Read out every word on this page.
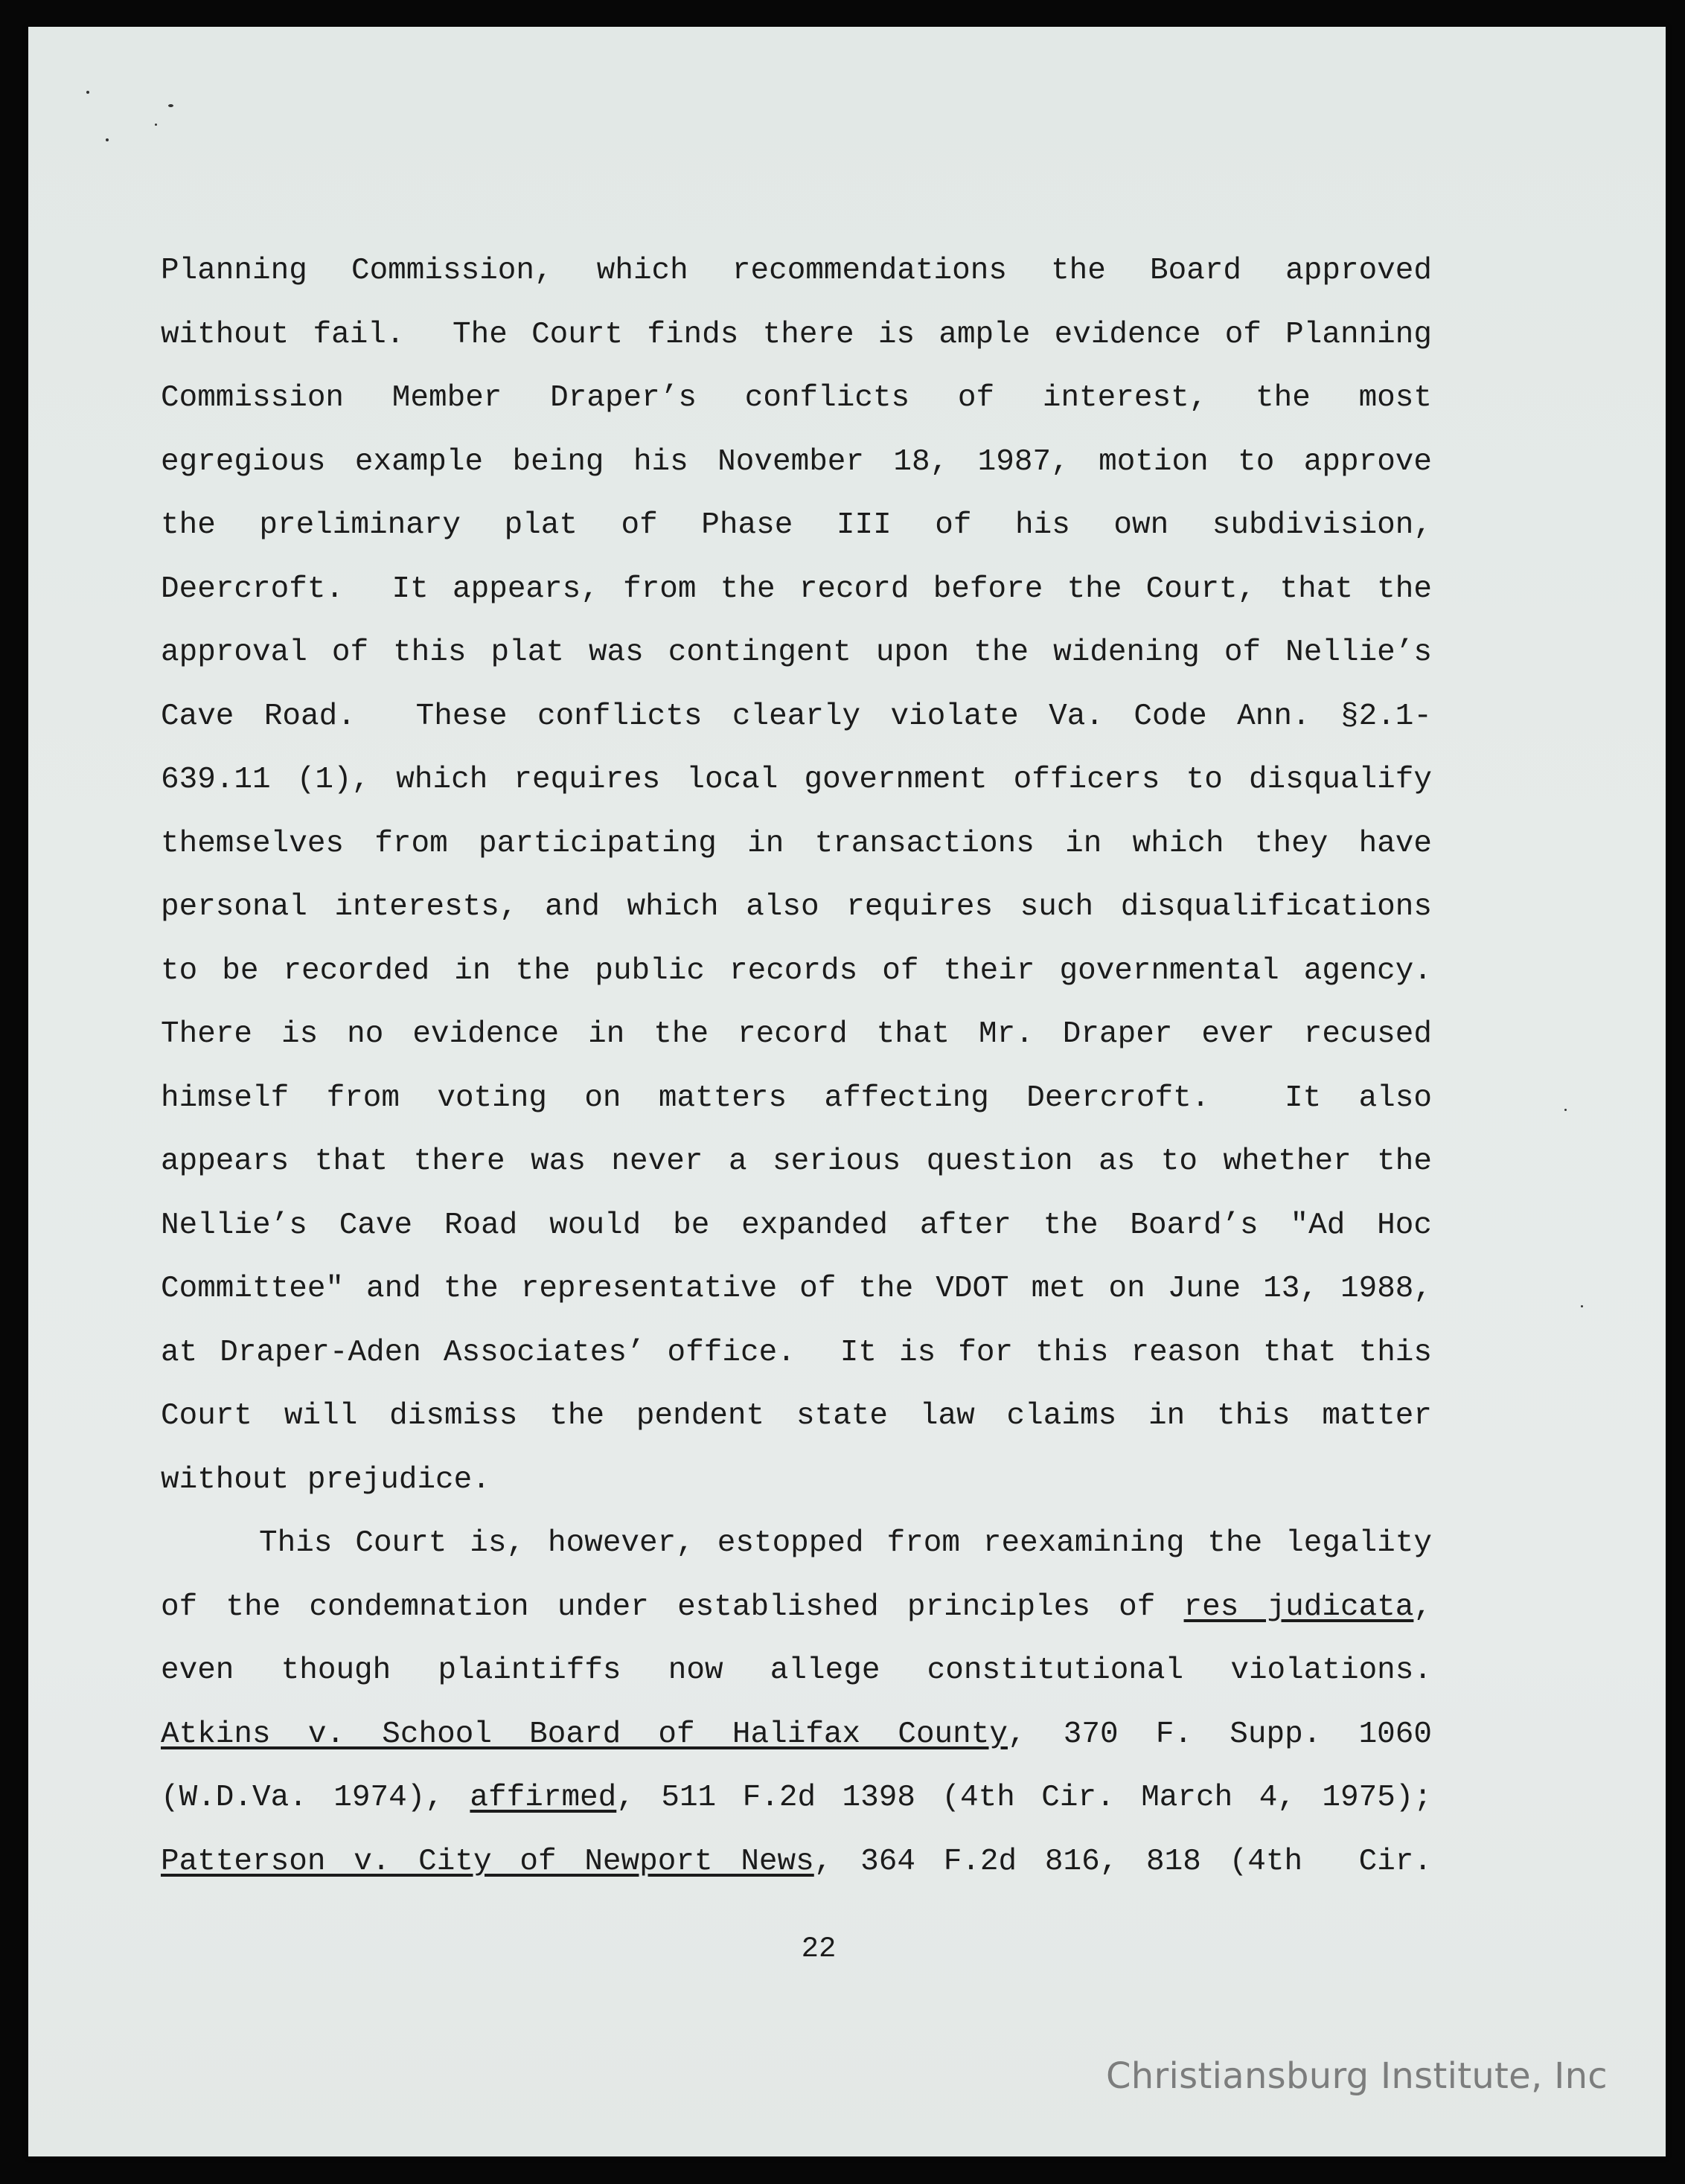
Planning Commission, which recommendations the Board approved
without fail.  The Court finds there is ample evidence of Planning
Commission Member Draper’s conflicts of interest, the most
egregious example being his November 18, 1987, motion to approve
the preliminary plat of Phase III of his own subdivision,
Deercroft.  It appears, from the record before the Court, that the
approval of this plat was contingent upon the widening of Nellie’s
Cave Road.  These conflicts clearly violate Va. Code Ann. §2.1-
639.11 (1), which requires local government officers to disqualify
themselves from participating in transactions in which they have
personal interests, and which also requires such disqualifications
to be recorded in the public records of their governmental agency.
There is no evidence in the record that Mr. Draper ever recused
himself from voting on matters affecting Deercroft.  It also
appears that there was never a serious question as to whether the
Nellie’s Cave Road would be expanded after the Board’s "Ad Hoc
Committee" and the representative of the VDOT met on June 13, 1988,
at Draper-Aden Associates’ office.  It is for this reason that this
Court will dismiss the pendent state law claims in this matter
without prejudice.
This Court is, however, estopped from reexamining the legality
of the condemnation under established principles of res judicata,
even though plaintiffs now allege constitutional violations.
Atkins v. School Board of Halifax County, 370 F. Supp. 1060
(W.D.Va. 1974), affirmed, 511 F.2d 1398 (4th Cir. March 4, 1975);
Patterson v. City of Newport News, 364 F.2d 816, 818 (4th  Cir.
22
Christiansburg Institute, Inc
